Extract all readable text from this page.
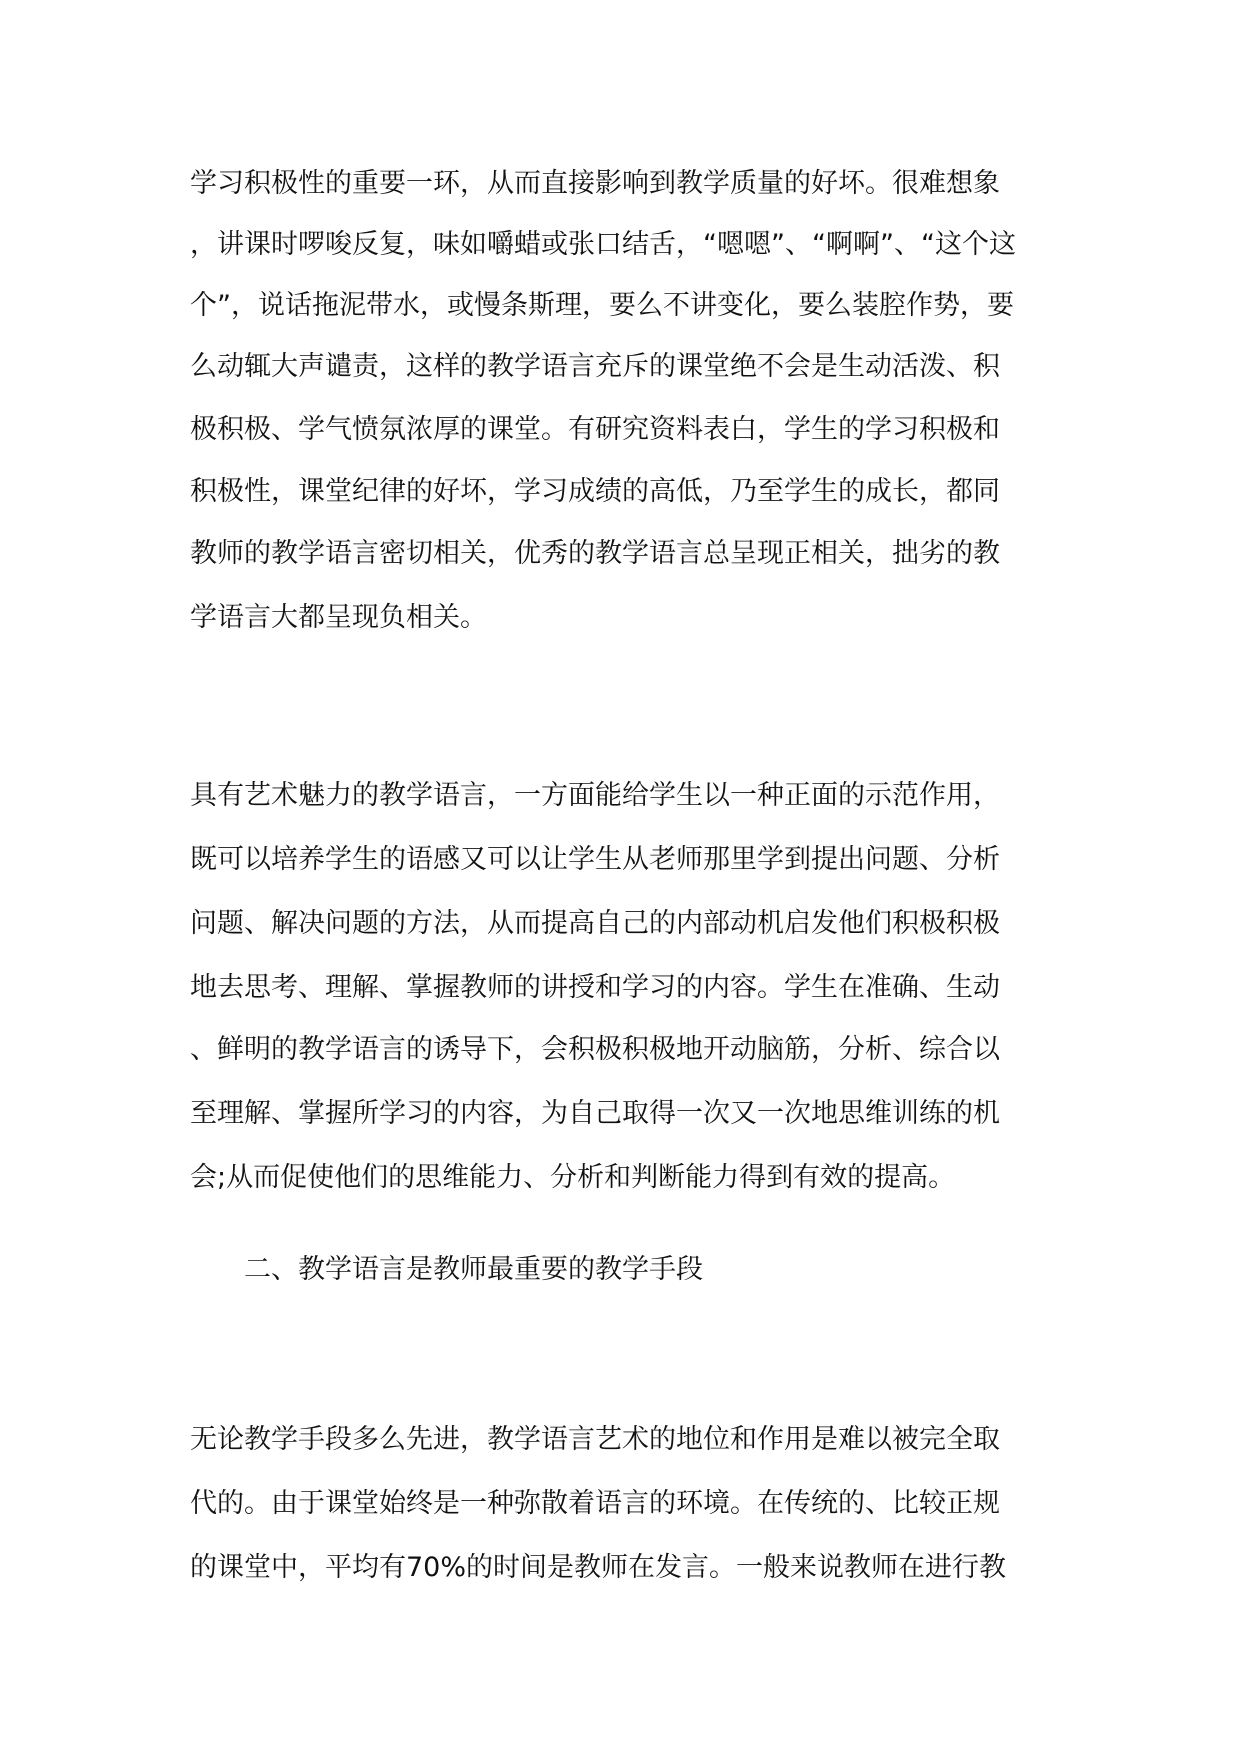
学习积极性的重要一环，从而直接影响到教学质量的好坏。很难想象
，讲课时啰唆反复，味如嚼蜡或张口结舌，“嗯嗯”、“啊啊”、“这个这
个”，说话拖泥带水，或慢条斯理，要么不讲变化，要么装腔作势，要
么动辄大声谴责，这样的教学语言充斥的课堂绝不会是生动活泼、积
极积极、学气愤氛浓厚的课堂。有研究资料表白，学生的学习积极和
积极性，课堂纪律的好坏，学习成绩的高低，乃至学生的成长，都同
教师的教学语言密切相关，优秀的教学语言总呈现正相关，拙劣的教
学语言大都呈现负相关。
具有艺术魅力的教学语言，一方面能给学生以一种正面的示范作用，
既可以培养学生的语感又可以让学生从老师那里学到提出问题、分析
问题、解决问题的方法，从而提高自己的内部动机启发他们积极积极
地去思考、理解、掌握教师的讲授和学习的内容。学生在准确、生动
、鲜明的教学语言的诱导下，会积极积极地开动脑筋，分析、综合以
至理解、掌握所学习的内容，为自己取得一次又一次地思维训练的机
会;从而促使他们的思维能力、分析和判断能力得到有效的提高。
二、教学语言是教师最重要的教学手段
无论教学手段多么先进，教学语言艺术的地位和作用是难以被完全取
代的。由于课堂始终是一种弥散着语言的环境。在传统的、比较正规
的课堂中，平均有70%的时间是教师在发言。一般来说教师在进行教
